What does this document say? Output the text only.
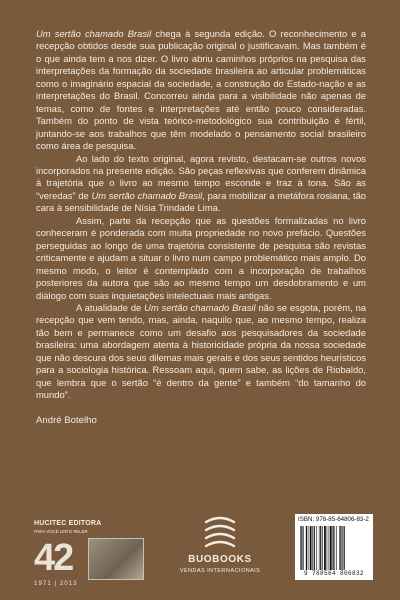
Um sertão chamado Brasil chega à segunda edição. O reconhecimento e a recepção obtidos desde sua publicação original o justificavam. Mas também é o que ainda tem a nos dizer. O livro abriu caminhos próprios na pesquisa das interpretações da formação da sociedade brasileira ao articular problemáticas como o imaginário espacial da sociedade, a construção do Estado-nação e as interpretações do Brasil. Concorreu ainda para a visibilidade não apenas de temas, como de fontes e interpretações até então pouco consideradas. Também do ponto de vista teórico-metodológico sua contribuição é fértil, juntando-se aos trabalhos que têm modelado o pensamento social brasileiro como área de pesquisa.

Ao lado do texto original, agora revisto, destacam-se outros novos incorporados na presente edição. São peças reflexivas que conferem dinâmica à trajetória que o livro ao mesmo tempo esconde e traz à tona. São as “veredas” de Um sertão chamado Brasil, para mobilizar a metáfora rosiana, tão cara à sensibilidade de Nísia Trindade Lima.

Assim, parte da recepção que as questões formalizadas no livro conheceram é ponderada com muita propriedade no novo prefácio. Questões perseguidas ao longo de uma trajetória consistente de pesquisa são revistas criticamente e ajudam a situar o livro num campo problemático mais amplo. Do mesmo modo, o leitor é contemplado com a incorporação de trabalhos posteriores da autora que são ao mesmo tempo um desdobramento e um diálogo com suas inquietações intelectuais mais antigas.

A atualidade de Um sertão chamado Brasil não se esgota, porém, na recepção que vem tendo, mas, ainda, naquilo que, ao mesmo tempo, realiza tão bem e permanece como um desafio aos pesquisadores da sociedade brasileira: uma abordagem atenta à historicidade própria da nossa sociedade que não descura dos seus dilemas mais gerais e dos seus sentidos heurísticos para a sociologia histórica. Ressoam aqui, quem sabe, as lições de Riobaldo, que lembra que o sertão “é dentro da gente” e também “do tamanho do mundo”.

André Botelho
HUCITEC EDITORA
PARA VOCÊ LER E RELER
42
1971 | 2013
BUOBOOKS
VENDAS INTERNACIONAIS
ISBN: 978-85-64806-83-2
9 788564 806832
